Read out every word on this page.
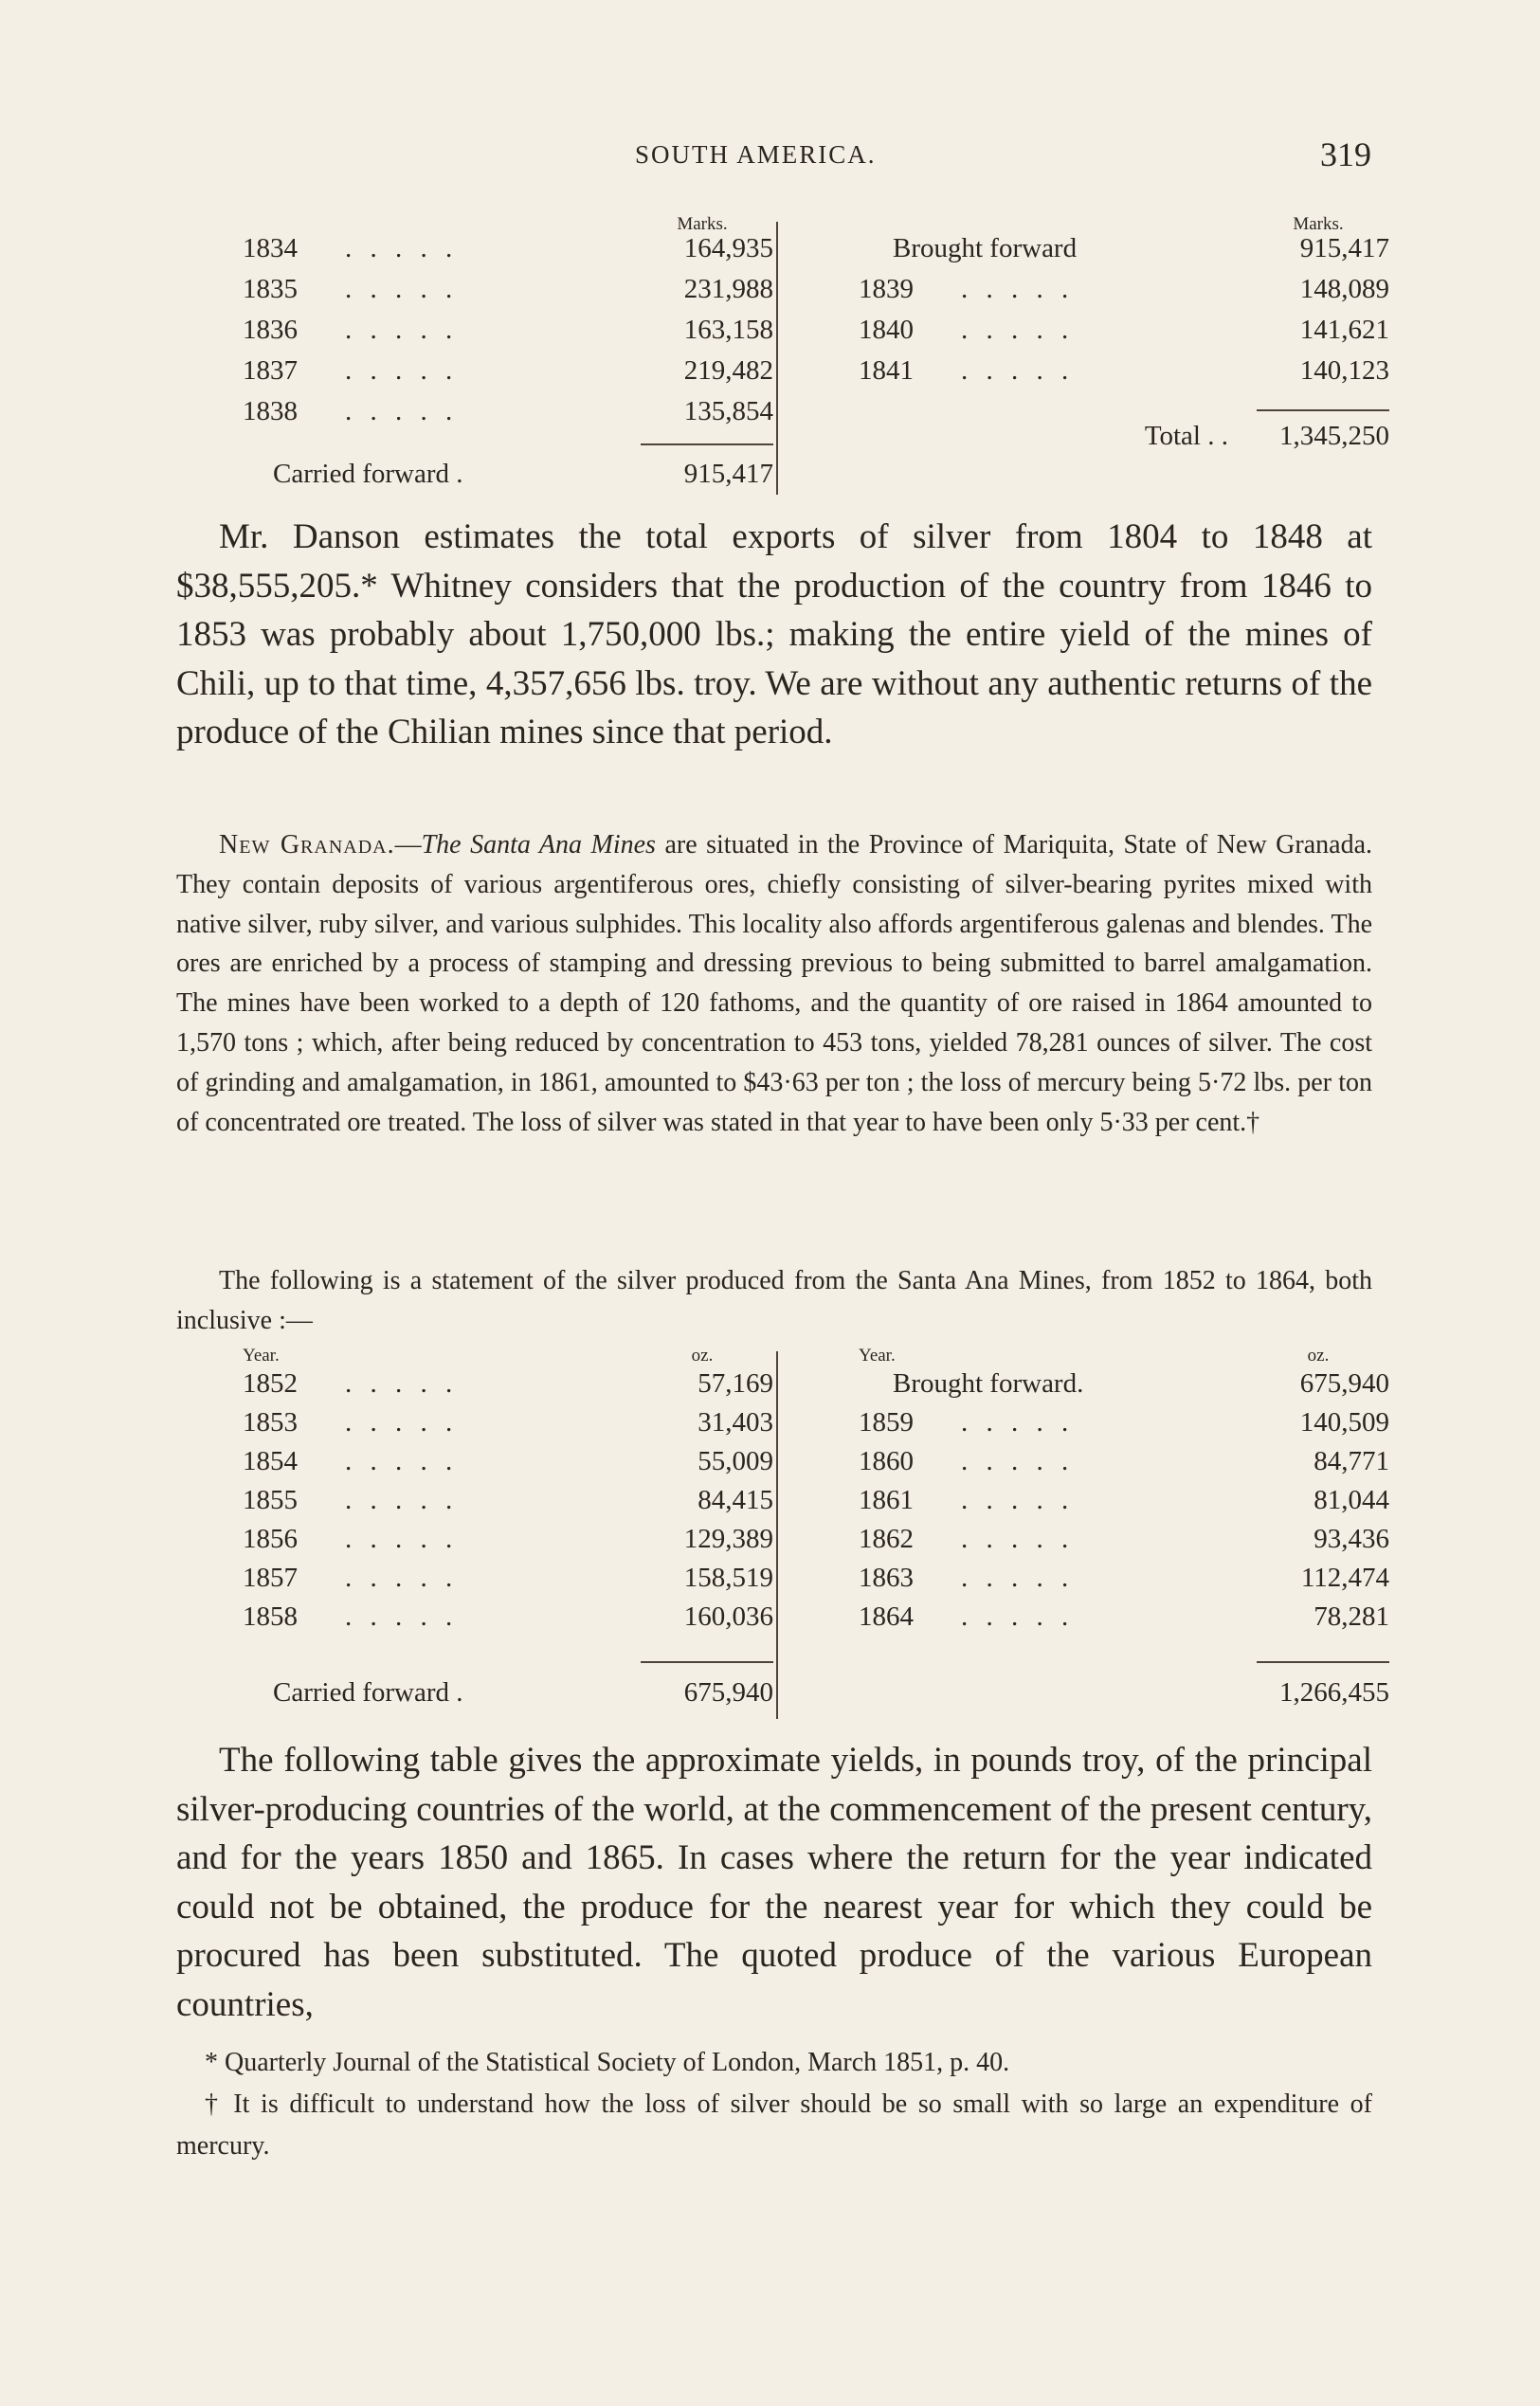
SOUTH AMERICA.	319
Marks.
1834 . . . . .	164,935
1835 . . . . .	231,988
1836 . . . . .	163,158
1837 . . . . .	219,482
1838 . . . . .	135,854
Carried forward .	915,417
Marks.
Brought forward	915,417
1839 . . . . .	148,089
1840 . . . . .	141,621
1841 . . . . .	140,123
Total . .	1,345,250

Mr. Danson estimates the total exports of silver from 1804 to 1848 at $38,555,205.* Whitney considers that the production of the country from 1846 to 1853 was probably about 1,750,000 lbs.; making the entire yield of the mines of Chili, up to that time, 4,357,656 lbs. troy. We are without any authentic returns of the produce of the Chilian mines since that period.

New Granada.—The Santa Ana Mines are situated in the Province of Mariquita, State of New Granada. They contain deposits of various argentiferous ores, chiefly consisting of silver-bearing pyrites mixed with native silver, ruby silver, and various sulphides. This locality also affords argentiferous galenas and blendes. The ores are enriched by a process of stamping and dressing previous to being submitted to barrel amalgamation. The mines have been worked to a depth of 120 fathoms, and the quantity of ore raised in 1864 amounted to 1,570 tons ; which, after being reduced by concentration to 453 tons, yielded 78,281 ounces of silver. The cost of grinding and amalgamation, in 1861, amounted to $43·63 per ton ; the loss of mercury being 5·72 lbs. per ton of concentrated ore treated. The loss of silver was stated in that year to have been only 5·33 per cent.†

The following is a statement of the silver produced from the Santa Ana Mines, from 1852 to 1864, both inclusive :—

Year.	oz.
1852 . . . . .	57,169
1853 . . . . .	31,403
1854 . . . . .	55,009
1855 . . . . .	84,415
1856 . . . . .	129,389
1857 . . . . .	158,519
1858 . . . . .	160,036
Carried forward .	675,940
Year.	oz.
Brought forward.	675,940
1859 . . . . .	140,509
1860 . . . . .	84,771
1861 . . . . .	81,044
1862 . . . . .	93,436
1863 . . . . .	112,474
1864 . . . . .	78,281
1,266,455

The following table gives the approximate yields, in pounds troy, of the principal silver-producing countries of the world, at the commencement of the present century, and for the years 1850 and 1865. In cases where the return for the year indicated could not be obtained, the produce for the nearest year for which they could be procured has been substituted. The quoted produce of the various European countries,

* Quarterly Journal of the Statistical Society of London, March 1851, p. 40.

† It is difficult to understand how the loss of silver should be so small with so large an expenditure of mercury.
